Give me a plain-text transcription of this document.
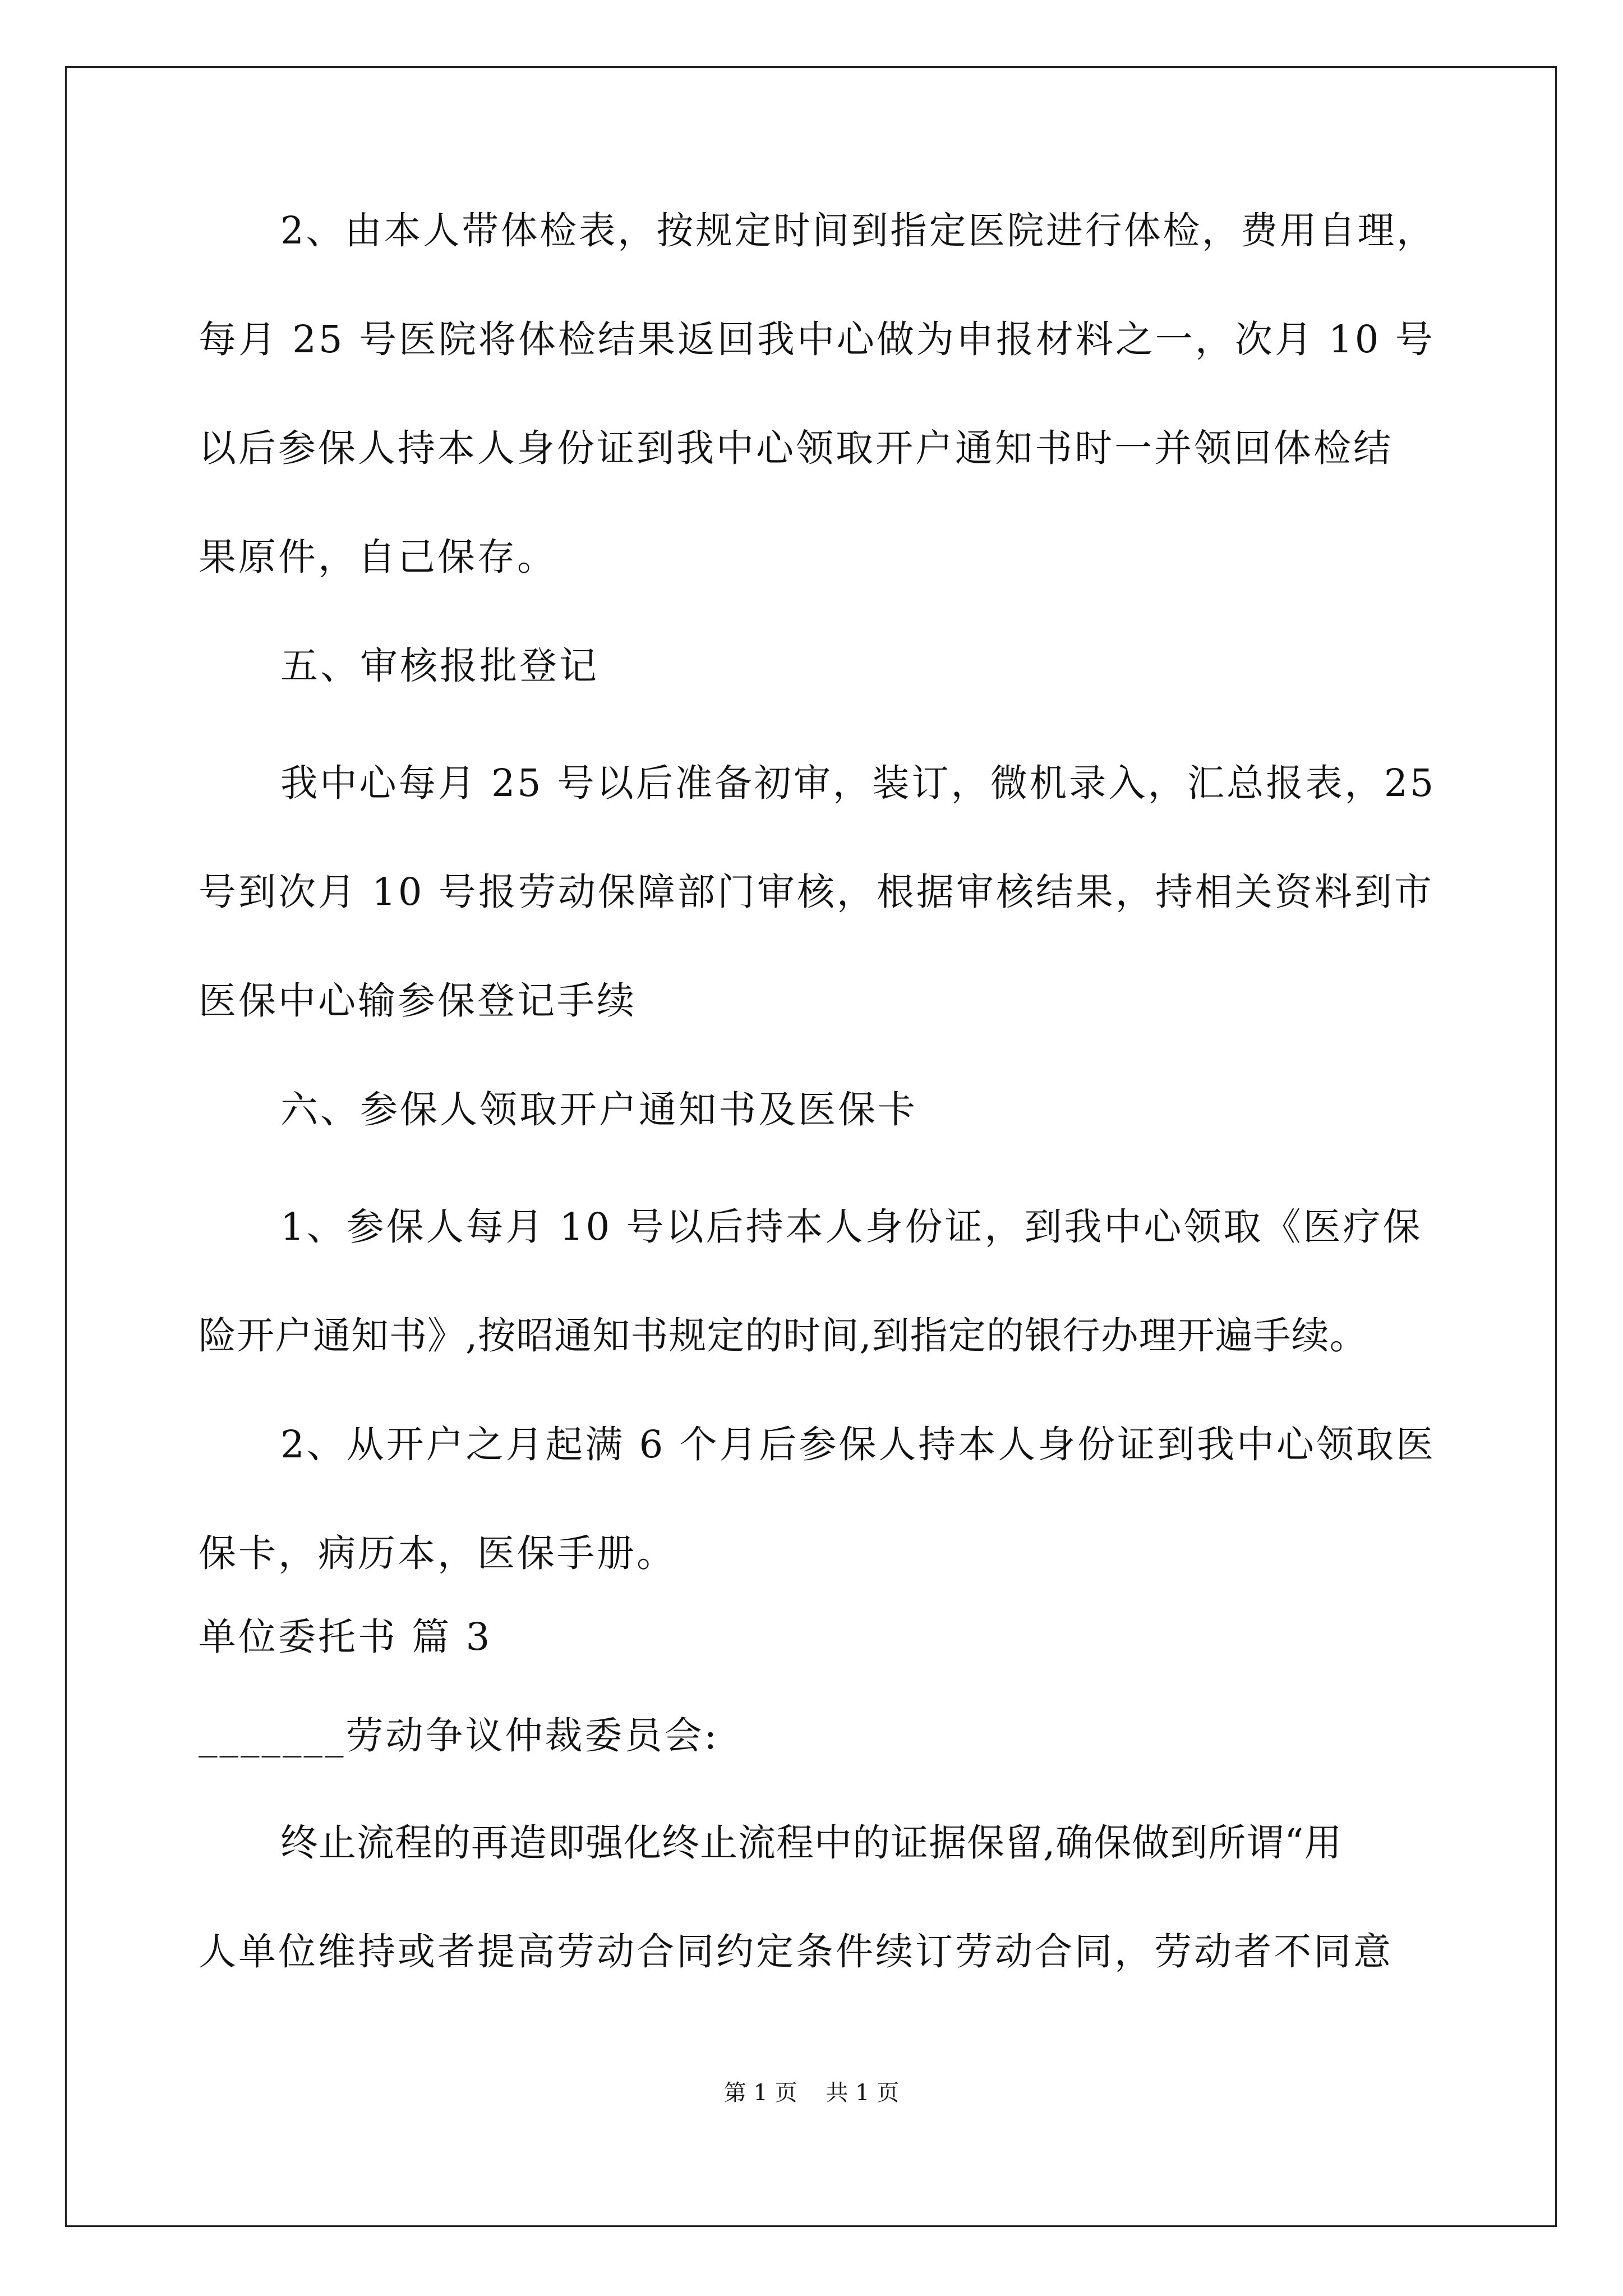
2、由本人带体检表，按规定时间到指定医院进行体检，费用自理，
每月 25 号医院将体检结果返回我中心做为申报材料之一，次月 10 号
以后参保人持本人身份证到我中心领取开户通知书时一并领回体检结
果原件，自己保存。
五、审核报批登记
我中心每月 25 号以后准备初审，装订，微机录入，汇总报表，25
号到次月 10 号报劳动保障部门审核，根据审核结果，持相关资料到市
医保中心输参保登记手续
六、参保人领取开户通知书及医保卡
1、参保人每月 10 号以后持本人身份证，到我中心领取《医疗保
险开户通知书》,按昭通知书规定的时间,到指定的银行办理开遍手续。
2、从开户之月起满 6 个月后参保人持本人身份证到我中心领取医
保卡，病历本，医保手册。
单位委托书 篇 3
_______劳动争议仲裁委员会:
终止流程的再造即强化终止流程中的证据保留,确保做到所谓“用
人单位维持或者提高劳动合同约定条件续订劳动合同，劳动者不同意
第 1 页    共 1 页
